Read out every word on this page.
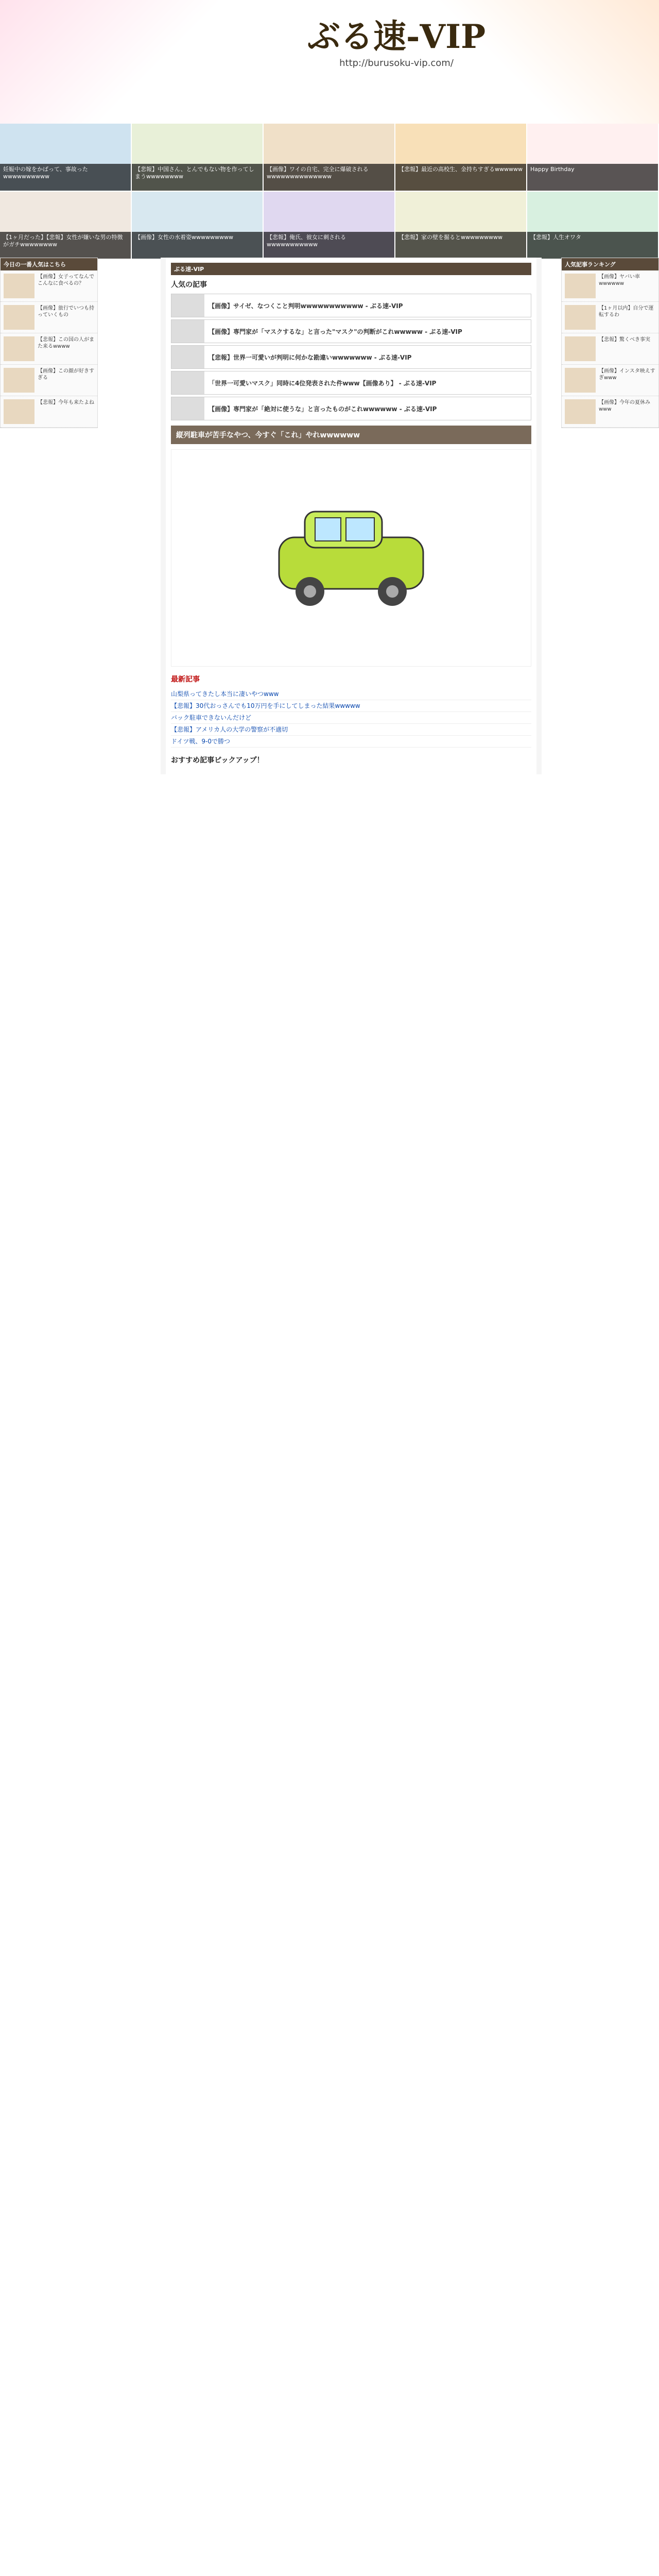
ぶる速-VIP
http://burusoku-vip.com/
妊娠中の嫁をかばって、事故ったwwwwwwwwww
【悲報】中国さん、とんでもない物を作ってしまうwwwwwwww
【画像】ワイの自宅、完全に爆破されるwwwwwwwwwwwwww
【悲報】最近の高校生、金持ちすぎるwwwwww	Happy Birthday
【1ヶ月だった】【悲報】女性が嫌いな男の特徴がガチwwwwwwww
【画像】女性の水着姿wwwwwwwww	【悲報】俺氏、彼女に刺されるwwwwwwwwwww
【悲報】家の壁を掘るとwwwwwwwww	【悲報】人生オワタ
今日の一番人気はこちら
【画像】女子ってなんでこんなに食べるの？
【画像】旅行でいつも持っていくもの
【悲報】この国の人がまた来るwwww
【画像】この顔が好きすぎる
【悲報】今年も来たよね
ぶる速-VIP
人気の記事
【画像】サイゼ、なつくこと判明wwwwwwwwwww - ぶる速-VIP
【画像】専門家が「マスクするな」と言った"マスク"の判断がこれwwwww - ぶる速-VIP
【悲報】世界一可愛いが判明に何かな勘違いwwwwwww - ぶる速-VIP
「世界一可愛いマスク」同時に4位発表された件www【画像あり】 - ぶる速-VIP
【画像】専門家が「絶対に使うな」と言ったものがこれwwwwww - ぶる速-VIP
縦列駐車が苦手なやつ、今すぐ「これ」やれwwwwww
最新記事
山梨県ってきたし本当に凄いやつwww
【悲報】30代おっさんでも10万円を手にしてしまった結果wwwww
バック駐車できないんだけど
【悲報】アメリカ人の大学の警察が不適切
ドイツ戦、9-0で勝つ
おすすめ記事ピックアップ！
人気記事ランキング
【画像】ヤバい車wwwwww
【1ヶ月以内】自分で運転するわ
【悲報】驚くべき事実
【画像】インスタ映えすぎwww
【画像】今年の夏休みwww
